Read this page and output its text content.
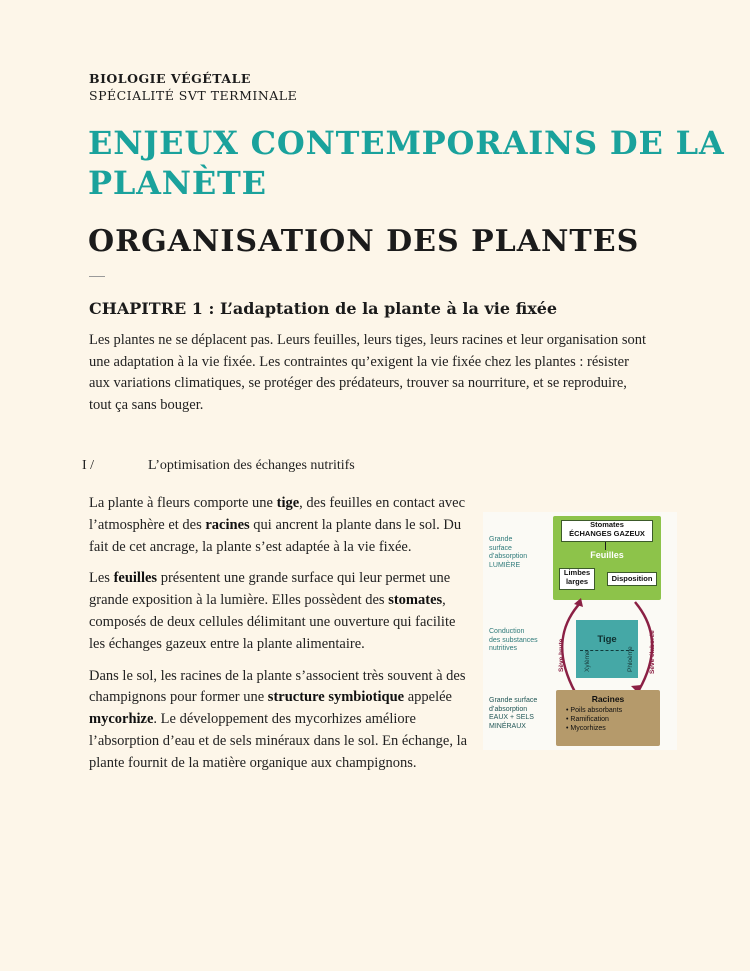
BIOLOGIE VÉGÉTALE
SPÉCIALITÉ SVT TERMINALE
ENJEUX CONTEMPORAINS DE LA PLANÈTE
ORGANISATION DES PLANTES
CHAPITRE 1 : L’adaptation de la plante à la vie fixée

Les plantes ne se déplacent pas. Leurs feuilles, leurs tiges, leurs racines et leur organisation sont une adaptation à la vie fixée. Les contraintes qu’exigent la vie fixée chez les plantes : résister aux variations climatiques, se protéger des prédateurs, trouver sa nourriture, et se reproduire, tout ça sans bouger.

I /	L’optimisation des échanges nutritifs

La plante à fleurs comporte une tige, des feuilles en contact avec l’atmosphère et des racines qui ancrent la plante dans le sol. Du fait de cet ancrage, la plante s’est adaptée à la vie fixée.

Les feuilles présentent une grande surface qui leur permet une grande exposition à la lumière. Elles possèdent des stomates, composés de deux cellules délimitant une ouverture qui facilite les échanges gazeux entre la plante alimentaire.

Dans le sol, les racines de la plante s’associent très souvent à des champignons pour former une structure symbiotique appelée mycorhize. Le développement des mycorhizes améliore l’absorption d’eau et de sels minéraux dans le sol. En échange, la plante fournit de la matière organique aux champignons.

Grande
surface
d’absorption
LUMIÈRE
Conduction
des substances
nutritives
Grande surface
d’absorption
EAUX + SELS
MINÉRAUX
Stomates
ÉCHANGES GAZEUX
Feuilles
Limbes
larges	Disposition
Sève brute	Sève élaborée
Tige
Xylème	Phloème
Racines
• Poils absorbants
• Ramification
• Mycorhizes
